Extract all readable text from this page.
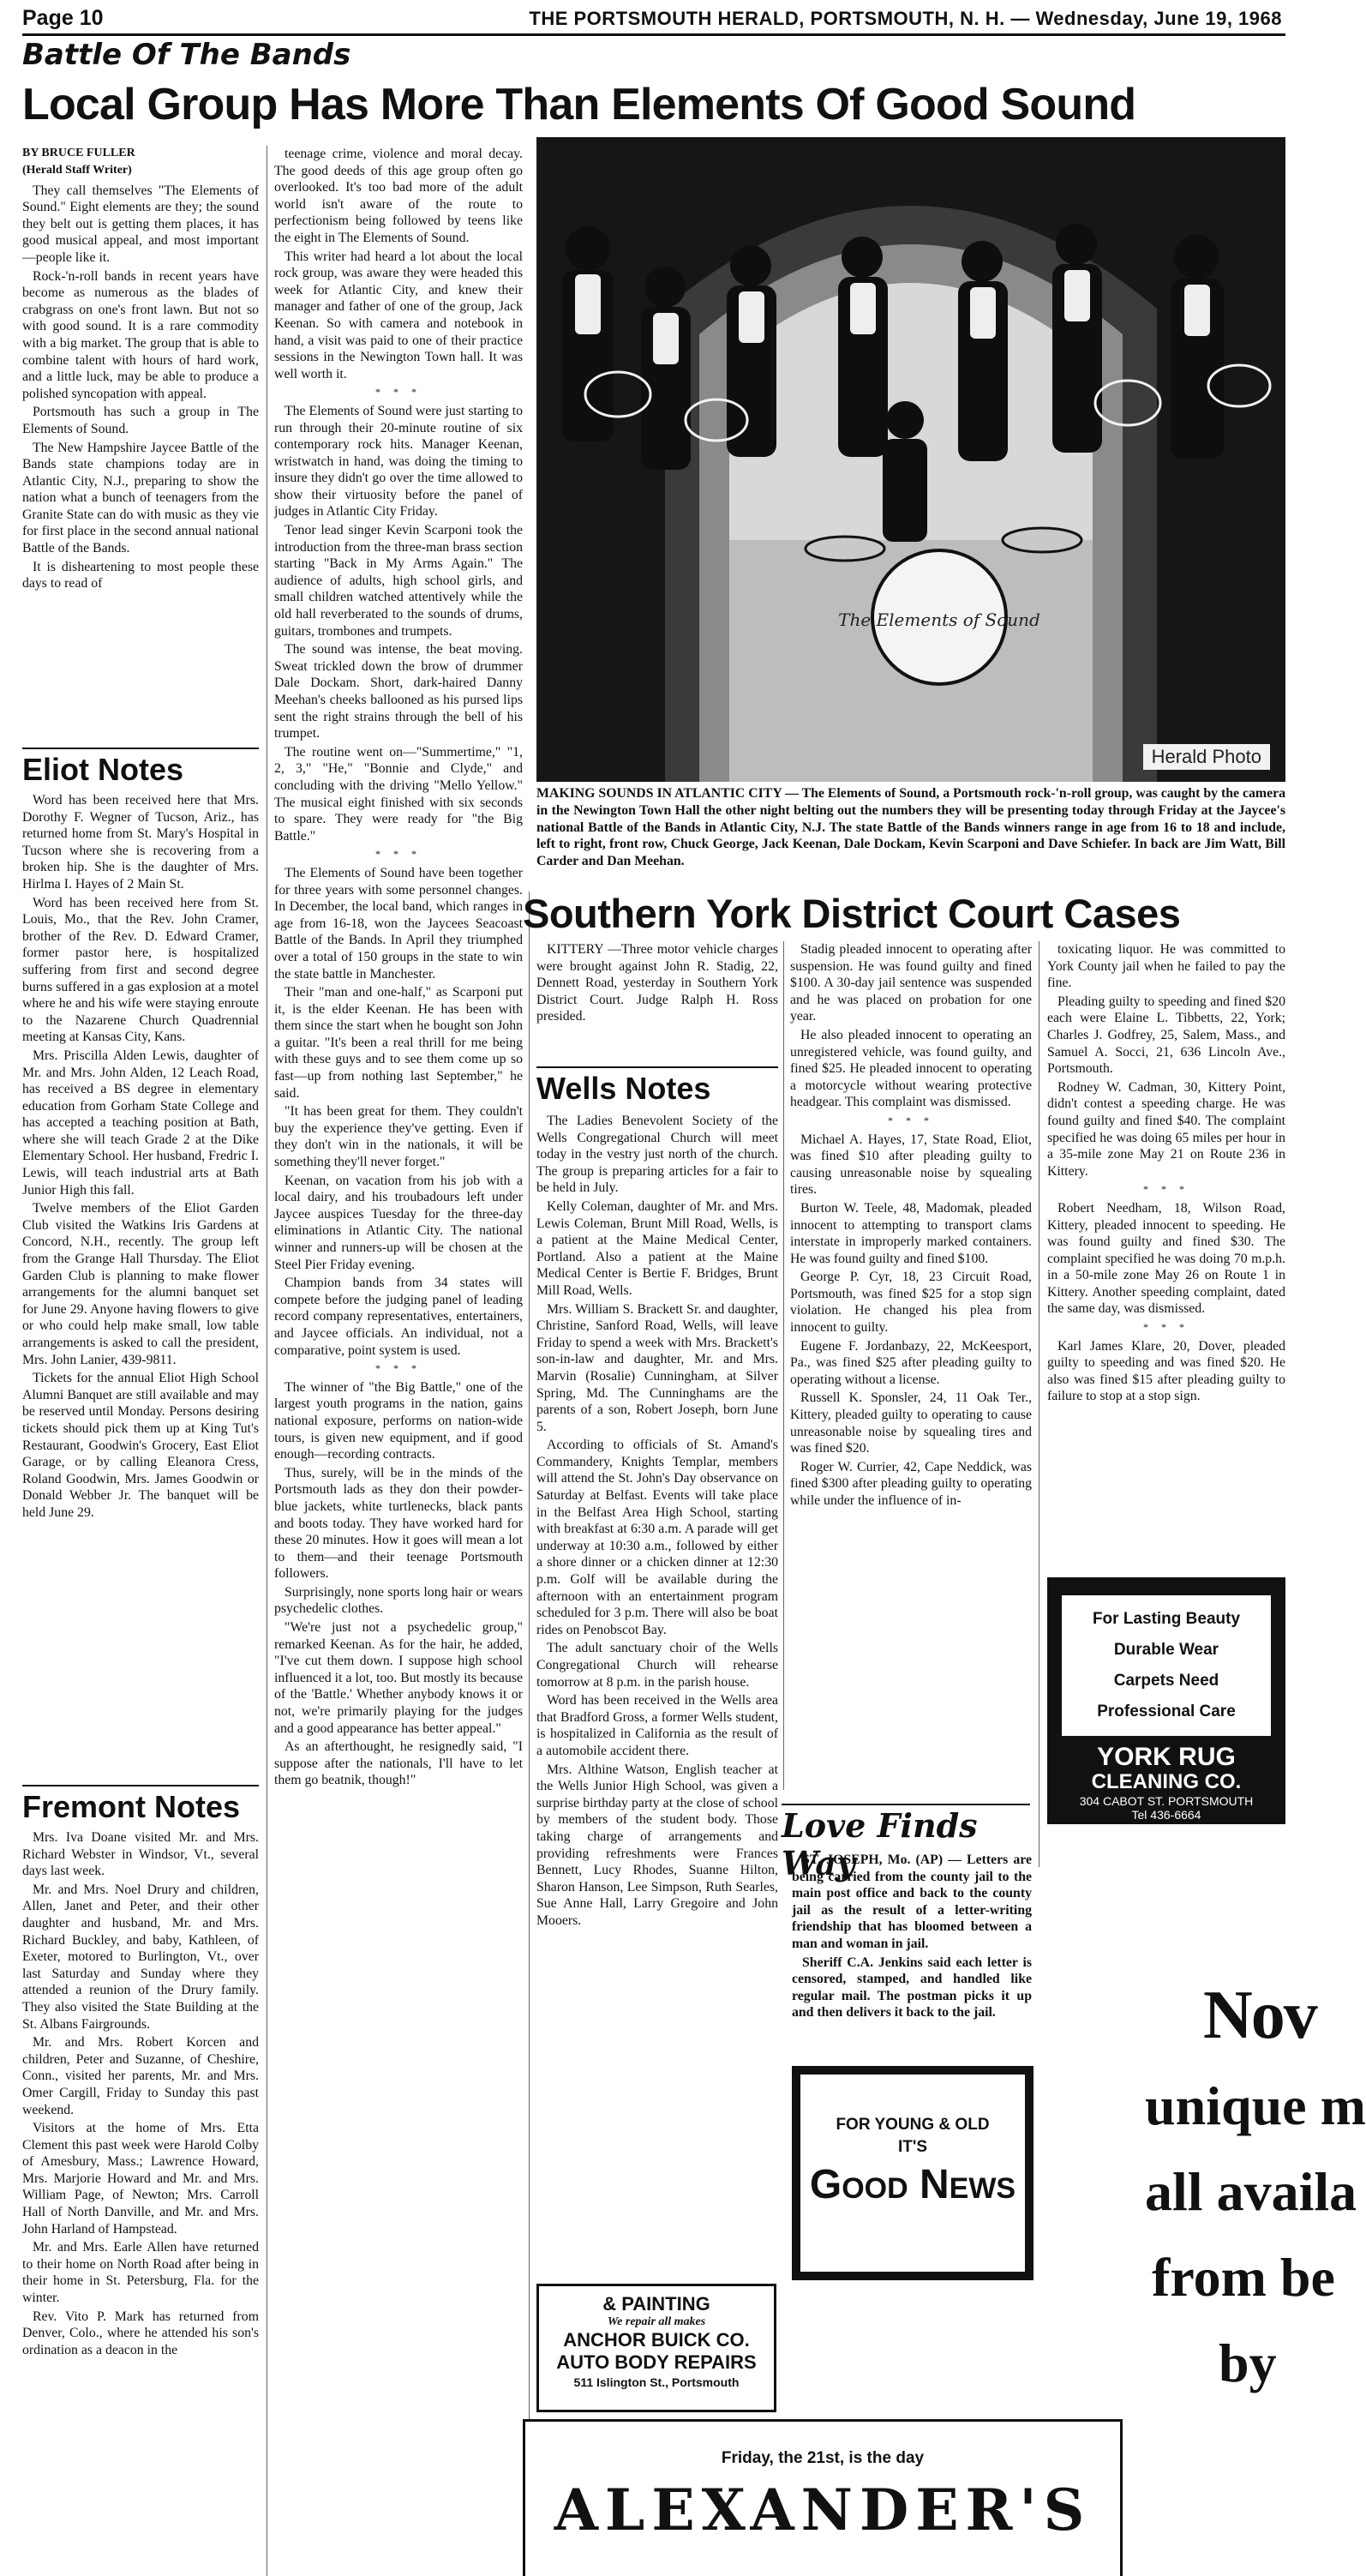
Page 10	THE PORTSMOUTH HERALD, PORTSMOUTH, N. H. — Wednesday, June 19, 1968
Battle Of The Bands
Local Group Has More Than Elements Of Good Sound

BY BRUCE FULLER

(Herald Staff Writer)

They call themselves "The Elements of Sound." Eight elements are they; the sound they belt out is getting them places, it has good musical appeal, and most important—people like it.

Rock-'n-roll bands in recent years have become as numerous as the blades of crabgrass on one's front lawn. But not so with good sound. It is a rare commodity with a big market. The group that is able to combine talent with hours of hard work, and a little luck, may be able to produce a polished syncopation with appeal.

Portsmouth has such a group in The Elements of Sound.

The New Hampshire Jaycee Battle of the Bands state champions today are in Atlantic City, N.J., preparing to show the nation what a bunch of teenagers from the Granite State can do with music as they vie for first place in the second annual national Battle of the Bands.

It is disheartening to most people these days to read of

teenage crime, violence and moral decay. The good deeds of this age group often go overlooked. It's too bad more of the adult world isn't aware of the route to perfectionism being followed by teens like the eight in The Elements of Sound.

This writer had heard a lot about the local rock group, was aware they were headed this week for Atlantic City, and knew their manager and father of one of the group, Jack Keenan. So with camera and notebook in hand, a visit was paid to one of their practice sessions in the Newington Town hall. It was well worth it.

* * *

The Elements of Sound were just starting to run through their 20-minute routine of six contemporary rock hits. Manager Keenan, wristwatch in hand, was doing the timing to insure they didn't go over the time allowed to show their virtuosity before the panel of judges in Atlantic City Friday.

Tenor lead singer Kevin Scarponi took the introduction from the three-man brass section starting "Back in My Arms Again." The audience of adults, high school girls, and small children watched attentively while the old hall reverberated to the sounds of drums, guitars, trombones and trumpets.

The sound was intense, the beat moving. Sweat trickled down the brow of drummer Dale Dockam. Short, dark-haired Danny Meehan's cheeks ballooned as his pursed lips sent the right strains through the bell of his trumpet.

The routine went on—"Summertime," "1, 2, 3," "He," "Bonnie and Clyde," and concluding with the driving "Mello Yellow." The musical eight finished with six seconds to spare. They were ready for "the Big Battle."

* * *

The Elements of Sound have been together for three years with some personnel changes. In December, the local band, which ranges in age from 16-18, won the Jaycees Seacoast Battle of the Bands. In April they triumphed over a total of 150 groups in the state to win the state battle in Manchester.

Their "man and one-half," as Scarponi put it, is the elder Keenan. He has been with them since the start when he bought son John a guitar. "It's been a real thrill for me being with these guys and to see them come up so fast—up from nothing last September," he said.

"It has been great for them. They couldn't buy the experience they've getting. Even if they don't win in the nationals, it will be something they'll never forget."

Keenan, on vacation from his job with a local dairy, and his troubadours left under Jaycee auspices Tuesday for the three-day eliminations in Atlantic City. The national winner and runners-up will be chosen at the Steel Pier Friday evening.

Champion bands from 34 states will compete before the judging panel of leading record company representatives, entertainers, and Jaycee officials. An individual, not a comparative, point system is used.

* * *

The winner of "the Big Battle," one of the largest youth programs in the nation, gains national exposure, performs on nation-wide tours, is given new equipment, and if good enough—recording contracts.

Thus, surely, will be in the minds of the Portsmouth lads as they don their powder-blue jackets, white turtlenecks, black pants and boots today. They have worked hard for these 20 minutes. How it goes will mean a lot to them—and their teenage Portsmouth followers.

Surprisingly, none sports long hair or wears psychedelic clothes.

"We're just not a psychedelic group," remarked Keenan. As for the hair, he added, "I've cut them down. I suppose high school influenced it a lot, too. But mostly its because of the 'Battle.' Whether anybody knows it or not, we're primarily playing for the judges and a good appearance has better appeal."

As an afterthought, he resignedly said, "I suppose after the nationals, I'll have to let them go beatnik, though!"

Eliot Notes

Word has been received here that Mrs. Dorothy F. Wegner of Tucson, Ariz., has returned home from St. Mary's Hospital in Tucson where she is recovering from a broken hip. She is the daughter of Mrs. Hirlma I. Hayes of 2 Main St.

Word has been received here from St. Louis, Mo., that the Rev. John Cramer, brother of the Rev. D. Edward Cramer, former pastor here, is hospitalized suffering from first and second degree burns suffered in a gas explosion at a motel where he and his wife were staying enroute to the Nazarene Church Quadrennial meeting at Kansas City, Kans.

Mrs. Priscilla Alden Lewis, daughter of Mr. and Mrs. John Alden, 12 Leach Road, has received a BS degree in elementary education from Gorham State College and has accepted a teaching position at Bath, where she will teach Grade 2 at the Dike Elementary School. Her husband, Fredric I. Lewis, will teach industrial arts at Bath Junior High this fall.

Twelve members of the Eliot Garden Club visited the Watkins Iris Gardens at Concord, N.H., recently. The group left from the Grange Hall Thursday. The Eliot Garden Club is planning to make flower arrangements for the alumni banquet set for June 29. Anyone having flowers to give or who could help make small, low table arrangements is asked to call the president, Mrs. John Lanier, 439-9811.

Tickets for the annual Eliot High School Alumni Banquet are still available and may be reserved until Monday. Persons desiring tickets should pick them up at King Tut's Restaurant, Goodwin's Grocery, East Eliot Garage, or by calling Eleanora Cress, Roland Goodwin, Mrs. James Goodwin or Donald Webber Jr. The banquet will be held June 29.

Fremont Notes

Mrs. Iva Doane visited Mr. and Mrs. Richard Webster in Windsor, Vt., several days last week.

Mr. and Mrs. Noel Drury and children, Allen, Janet and Peter, and their other daughter and husband, Mr. and Mrs. Richard Buckley, and baby, Kathleen, of Exeter, motored to Burlington, Vt., over last Saturday and Sunday where they attended a reunion of the Drury family. They also visited the State Building at the St. Albans Fairgrounds.

Mr. and Mrs. Robert Korcen and children, Peter and Suzanne, of Cheshire, Conn., visited her parents, Mr. and Mrs. Omer Cargill, Friday to Sunday this past weekend.

Visitors at the home of Mrs. Etta Clement this past week were Harold Colby of Amesbury, Mass.; Lawrence Howard, Mrs. Marjorie Howard and Mr. and Mrs. William Page, of Newton; Mrs. Carroll Hall of North Danville, and Mr. and Mrs. John Harland of Hampstead.

Mr. and Mrs. Earle Allen have returned to their home on North Road after being in their home in St. Petersburg, Fla. for the winter.

Rev. Vito P. Mark has returned from Denver, Colo., where he attended his son's ordination as a deacon in the

The Elements of Sound
Herald Photo
MAKING SOUNDS IN ATLANTIC CITY — The Elements of Sound, a Portsmouth rock-'n-roll group, was caught by the camera in the Newington Town Hall the other night belting out the numbers they will be presenting today through Friday at the Jaycee's national Battle of the Bands in Atlantic City, N.J. The state Battle of the Bands winners range in age from 16 to 18 and include, left to right, front row, Chuck George, Jack Keenan, Dale Dockam, Kevin Scarponi and Dave Schiefer. In back are Jim Watt, Bill Carder and Dan Meehan.
Southern York District Court Cases

KITTERY —Three motor vehicle charges were brought against John R. Stadig, 22, Dennett Road, yesterday in Southern York District Court. Judge Ralph H. Ross presided.

Stadig pleaded innocent to operating after suspension. He was found guilty and fined $100. A 30-day jail sentence was suspended and he was placed on probation for one year.

He also pleaded innocent to operating an unregistered vehicle, was found guilty, and fined $25. He pleaded innocent to operating a motorcycle without wearing protective headgear. This complaint was dismissed.

* * *

Michael A. Hayes, 17, State Road, Eliot, was fined $10 after pleading guilty to causing unreasonable noise by squealing tires.

Burton W. Teele, 48, Madomak, pleaded innocent to attempting to transport clams interstate in improperly marked containers. He was found guilty and fined $100.

George P. Cyr, 18, 23 Circuit Road, Portsmouth, was fined $25 for a stop sign violation. He changed his plea from innocent to guilty.

Eugene F. Jordanbazy, 22, McKeesport, Pa., was fined $25 after pleading guilty to operating without a license.

Russell K. Sponsler, 24, 11 Oak Ter., Kittery, pleaded guilty to operating to cause unreasonable noise by squealing tires and was fined $20.

Roger W. Currier, 42, Cape Neddick, was fined $300 after pleading guilty to operating while under the influence of in-

toxicating liquor. He was committed to York County jail when he failed to pay the fine.

Pleading guilty to speeding and fined $20 each were Elaine L. Tibbetts, 22, York; Charles J. Godfrey, 25, Salem, Mass., and Samuel A. Socci, 21, 636 Lincoln Ave., Portsmouth.

Rodney W. Cadman, 30, Kittery Point, didn't contest a speeding charge. He was found guilty and fined $40. The complaint specified he was doing 65 miles per hour in a 35-mile zone May 21 on Route 236 in Kittery.

* * *

Robert Needham, 18, Wilson Road, Kittery, pleaded innocent to speeding. He was found guilty and fined $30. The complaint specified he was doing 70 m.p.h. in a 50-mile zone May 26 on Route 1 in Kittery. Another speeding complaint, dated the same day, was dismissed.

* * *

Karl James Klare, 20, Dover, pleaded guilty to speeding and was fined $20. He also was fined $15 after pleading guilty to failure to stop at a stop sign.

Wells Notes

The Ladies Benevolent Society of the Wells Congregational Church will meet today in the vestry just north of the church. The group is preparing articles for a fair to be held in July.

Kelly Coleman, daughter of Mr. and Mrs. Lewis Coleman, Brunt Mill Road, Wells, is a patient at the Maine Medical Center, Portland. Also a patient at the Maine Medical Center is Bertie F. Bridges, Brunt Mill Road, Wells.

Mrs. William S. Brackett Sr. and daughter, Christine, Sanford Road, Wells, will leave Friday to spend a week with Mrs. Brackett's son-in-law and daughter, Mr. and Mrs. Marvin (Rosalie) Cunningham, at Silver Spring, Md. The Cunninghams are the parents of a son, Robert Joseph, born June 5.

According to officials of St. Amand's Commandery, Knights Templar, members will attend the St. John's Day observance on Saturday at Belfast. Events will take place in the Belfast Area High School, starting with breakfast at 6:30 a.m. A parade will get underway at 10:30 a.m., followed by either a shore dinner or a chicken dinner at 12:30 p.m. Golf will be available during the afternoon with an entertainment program scheduled for 3 p.m. There will also be boat rides on Penobscot Bay.

The adult sanctuary choir of the Wells Congregational Church will rehearse tomorrow at 8 p.m. in the parish house.

Word has been received in the Wells area that Bradford Gross, a former Wells student, is hospitalized in California as the result of a automobile accident there.

Mrs. Althine Watson, English teacher at the Wells Junior High School, was given a surprise birthday party at the close of school by members of the student body. Those taking charge of arrangements and providing refreshments were Frances Bennett, Lucy Rhodes, Suanne Hilton, Sharon Hanson, Lee Simpson, Ruth Searles, Sue Anne Hall, Larry Gregoire and John Mooers.

Love Finds Way

ST. JOSEPH, Mo. (AP) — Letters are being carried from the county jail to the main post office and back to the county jail as the result of a letter-writing friendship that has bloomed between a man and woman in jail.

Sheriff C.A. Jenkins said each letter is censored, stamped, and handled like regular mail. The postman picks it up and then delivers it back to the jail.

For Lasting Beauty
Durable Wear
Carpets Need
Professional Care
YORK RUG
CLEANING CO.
304 CABOT ST. PORTSMOUTH
Tel 436-6664
FOR YOUNG & OLD
IT'S
Good News
& PAINTING
We repair all makes
ANCHOR BUICK CO.
AUTO BODY REPAIRS
511 Islington St., Portsmouth
Friday, the 21st, is the day
ALEXANDER'S
Nov
unique m
all availa
from be
by
